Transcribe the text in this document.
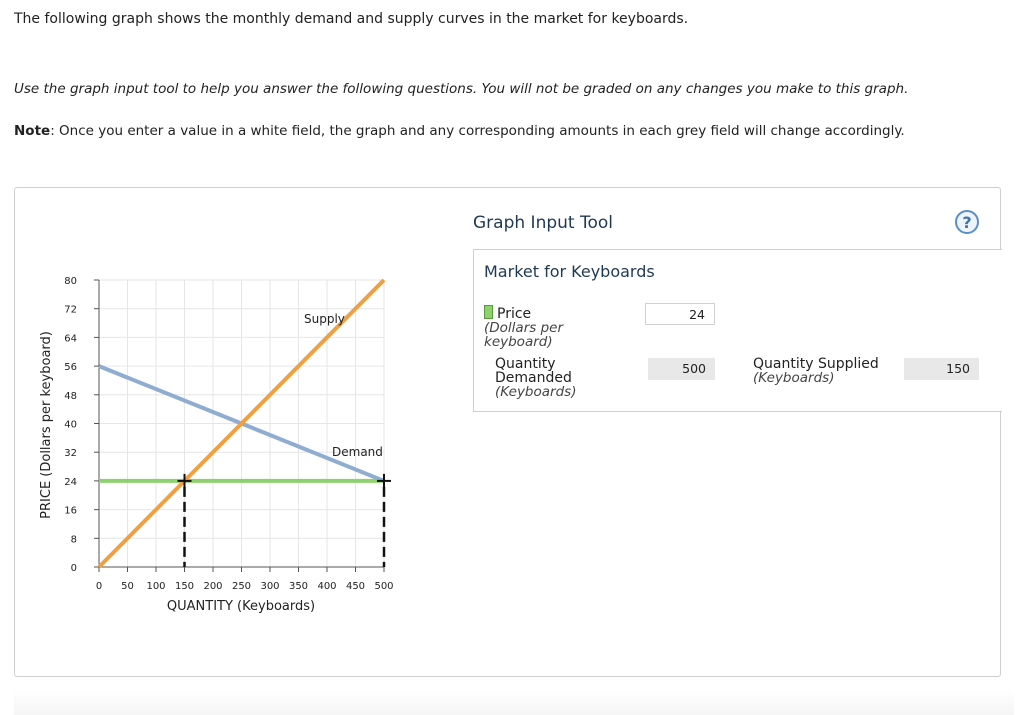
The following graph shows the monthly demand and supply curves in the market for keyboards.
Use the graph input tool to help you answer the following questions. You will not be graded on any changes you make to this graph.
Note: Once you enter a value in a white field, the graph and any corresponding amounts in each grey field will change accordingly.
0
8
16
24
32
40
48
56
64
72
80
0 50 100 150 200 250 300 350 400 450 500
Supply
Demand
QUANTITY (Keyboards)
PRICE (Dollars per keyboard)
Graph Input Tool	?
Market for Keyboards
Price
(Dollars per keyboard)
24
Quantity
Demanded
(Keyboards)
500	Quantity Supplied
(Keyboards)
150
